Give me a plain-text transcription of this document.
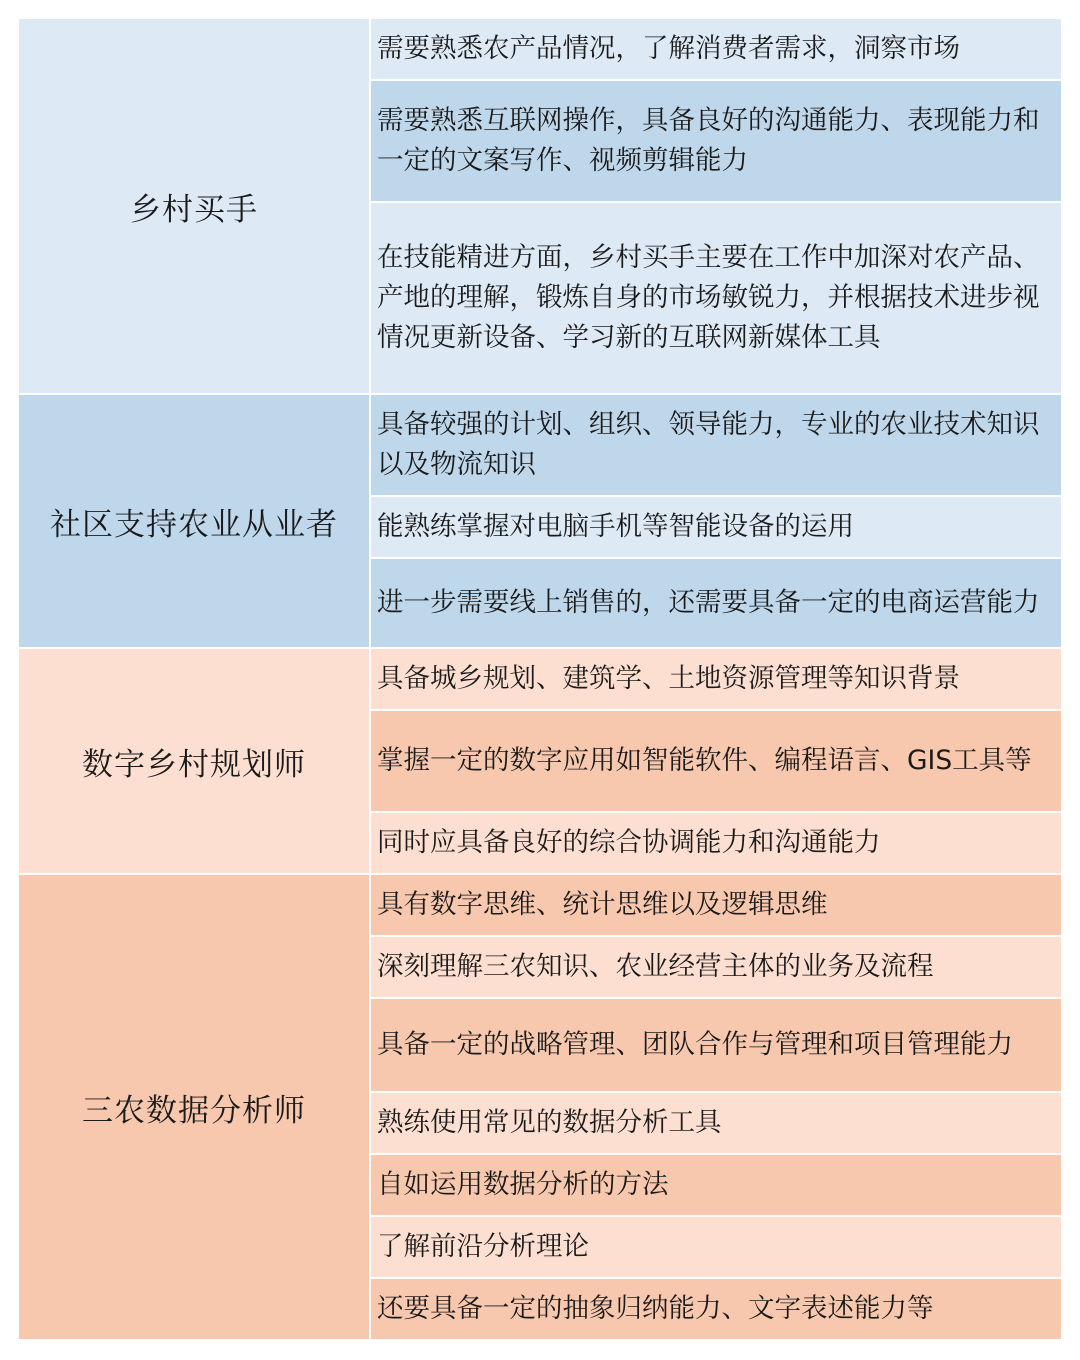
乡村买手	需要熟悉农产品情况，了解消费者需求，洞察市场
	需要熟悉互联网操作，具备良好的沟通能力、表现能力和一定的文案写作、视频剪辑能力
	在技能精进方面，乡村买手主要在工作中加深对农产品、产地的理解，锻炼自身的市场敏锐力，并根据技术进步视情况更新设备、学习新的互联网新媒体工具
社区支持农业从业者	具备较强的计划、组织、领导能力，专业的农业技术知识以及物流知识
	能熟练掌握对电脑手机等智能设备的运用
	进一步需要线上销售的，还需要具备一定的电商运营能力
数字乡村规划师	具备城乡规划、建筑学、土地资源管理等知识背景
	掌握一定的数字应用如智能软件、编程语言、GIS工具等
	同时应具备良好的综合协调能力和沟通能力
三农数据分析师	具有数字思维、统计思维以及逻辑思维
	深刻理解三农知识、农业经营主体的业务及流程
	具备一定的战略管理、团队合作与管理和项目管理能力
	熟练使用常见的数据分析工具
	自如运用数据分析的方法
	了解前沿分析理论
	还要具备一定的抽象归纳能力、文字表述能力等
